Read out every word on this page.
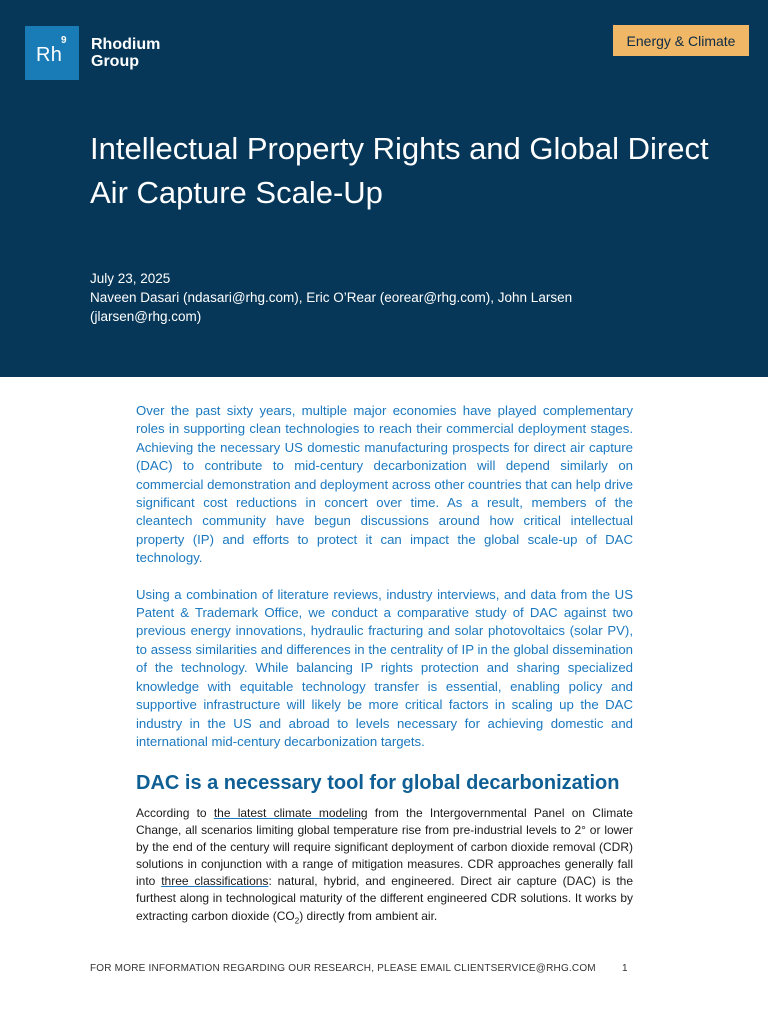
Rh
9 Rhodium
Group
Energy & Climate
Intellectual Property Rights and Global Direct Air Capture Scale-Up
July 23, 2025
Naveen Dasari (ndasari@rhg.com), Eric O’Rear (eorear@rhg.com), John Larsen (jlarsen@rhg.com)

Over the past sixty years, multiple major economies have played complementary roles in supporting clean technologies to reach their commercial deployment stages. Achieving the necessary US domestic manufacturing prospects for direct air capture (DAC) to contribute to mid-century decarbonization will depend similarly on commercial demonstration and deployment across other countries that can help drive significant cost reductions in concert over time. As a result, members of the cleantech community have begun discussions around how critical intellectual property (IP) and efforts to protect it can impact the global scale-up of DAC technology.

Using a combination of literature reviews, industry interviews, and data from the US Patent & Trademark Office, we conduct a comparative study of DAC against two previous energy innovations, hydraulic fracturing and solar photovoltaics (solar PV), to assess similarities and differences in the centrality of IP in the global dissemination of the technology. While balancing IP rights protection and sharing specialized knowledge with equitable technology transfer is essential, enabling policy and supportive infrastructure will likely be more critical factors in scaling up the DAC industry in the US and abroad to levels necessary for achieving domestic and international mid-century decarbonization targets.

DAC is a necessary tool for global decarbonization

According to the latest climate modeling from the Intergovernmental Panel on Climate Change, all scenarios limiting global temperature rise from pre-industrial levels to 2° or lower by the end of the century will require significant deployment of carbon dioxide removal (CDR) solutions in conjunction with a range of mitigation measures. CDR approaches generally fall into three classifications: natural, hybrid, and engineered. Direct air capture (DAC) is the furthest along in technological maturity of the different engineered CDR solutions. It works by extracting carbon dioxide $(CO_2)$ directly from ambient air.

FOR MORE INFORMATION REGARDING OUR RESEARCH, PLEASE EMAIL CLIENTSERVICE@RHG.COM	1
